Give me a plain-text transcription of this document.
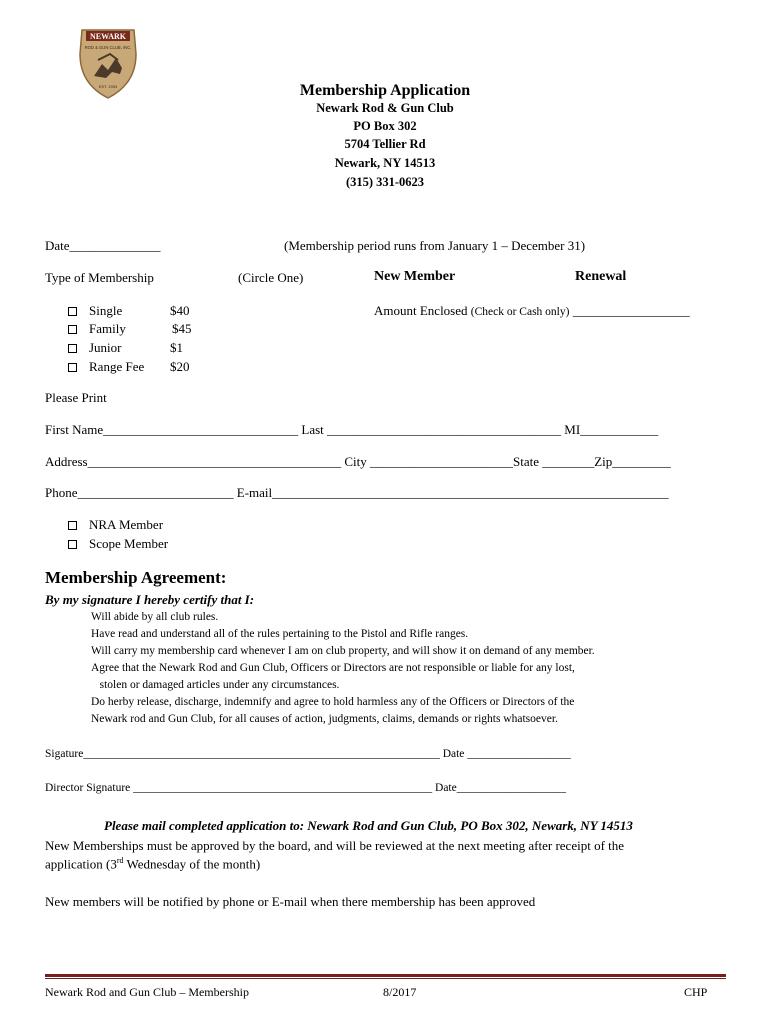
NEWARK
ROD & GUN CLUB, INC.
EST. 1953	Membership Application
Newark Rod & Gun Club
PO Box 302
5704 Tellier Rd
Newark, NY 14513
(315) 331-0623
Date______________	(Membership period runs from January 1 – December 31)
Type of Membership	(Circle One)	New Member	Renewal
Single	$40
Family	$45
Junior	$1
Range Fee $20
Amount Enclosed (Check or Cash only) __________________
Please Print
First Name______________________________ Last ____________________________________ MI____________
Address_______________________________________ City ______________________State ________Zip_________
Phone________________________ E-mail_____________________________________________________________
NRA Member
Scope Member
Membership Agreement:
By my signature I hereby certify that I:
Will abide by all club rules.
Have read and understand all of the rules pertaining to the Pistol and Rifle ranges.
Will carry my membership card whenever I am on club property, and will show it on demand of any member.
Agree that the Newark Rod and Gun Club, Officers or Directors are not responsible or liable for any lost,
stolen or damaged articles under any circumstances.
Do herby release, discharge, indemnify and agree to hold harmless any of the Officers or Directors of the
Newark rod and Gun Club, for all causes of action, judgments, claims, demands or rights whatsoever.
Sigature______________________________________________________________ Date __________________
Director Signature ____________________________________________________ Date___________________
Please mail completed application to: Newark Rod and Gun Club, PO Box 302, Newark, NY 14513
New Memberships must be approved by the board, and will be reviewed at the next meeting after receipt of the
application (3rd Wednesday of the month)
New members will be notified by phone or E-mail when there membership has been approved
Newark Rod and Gun Club – Membership	8/2017	CHP
